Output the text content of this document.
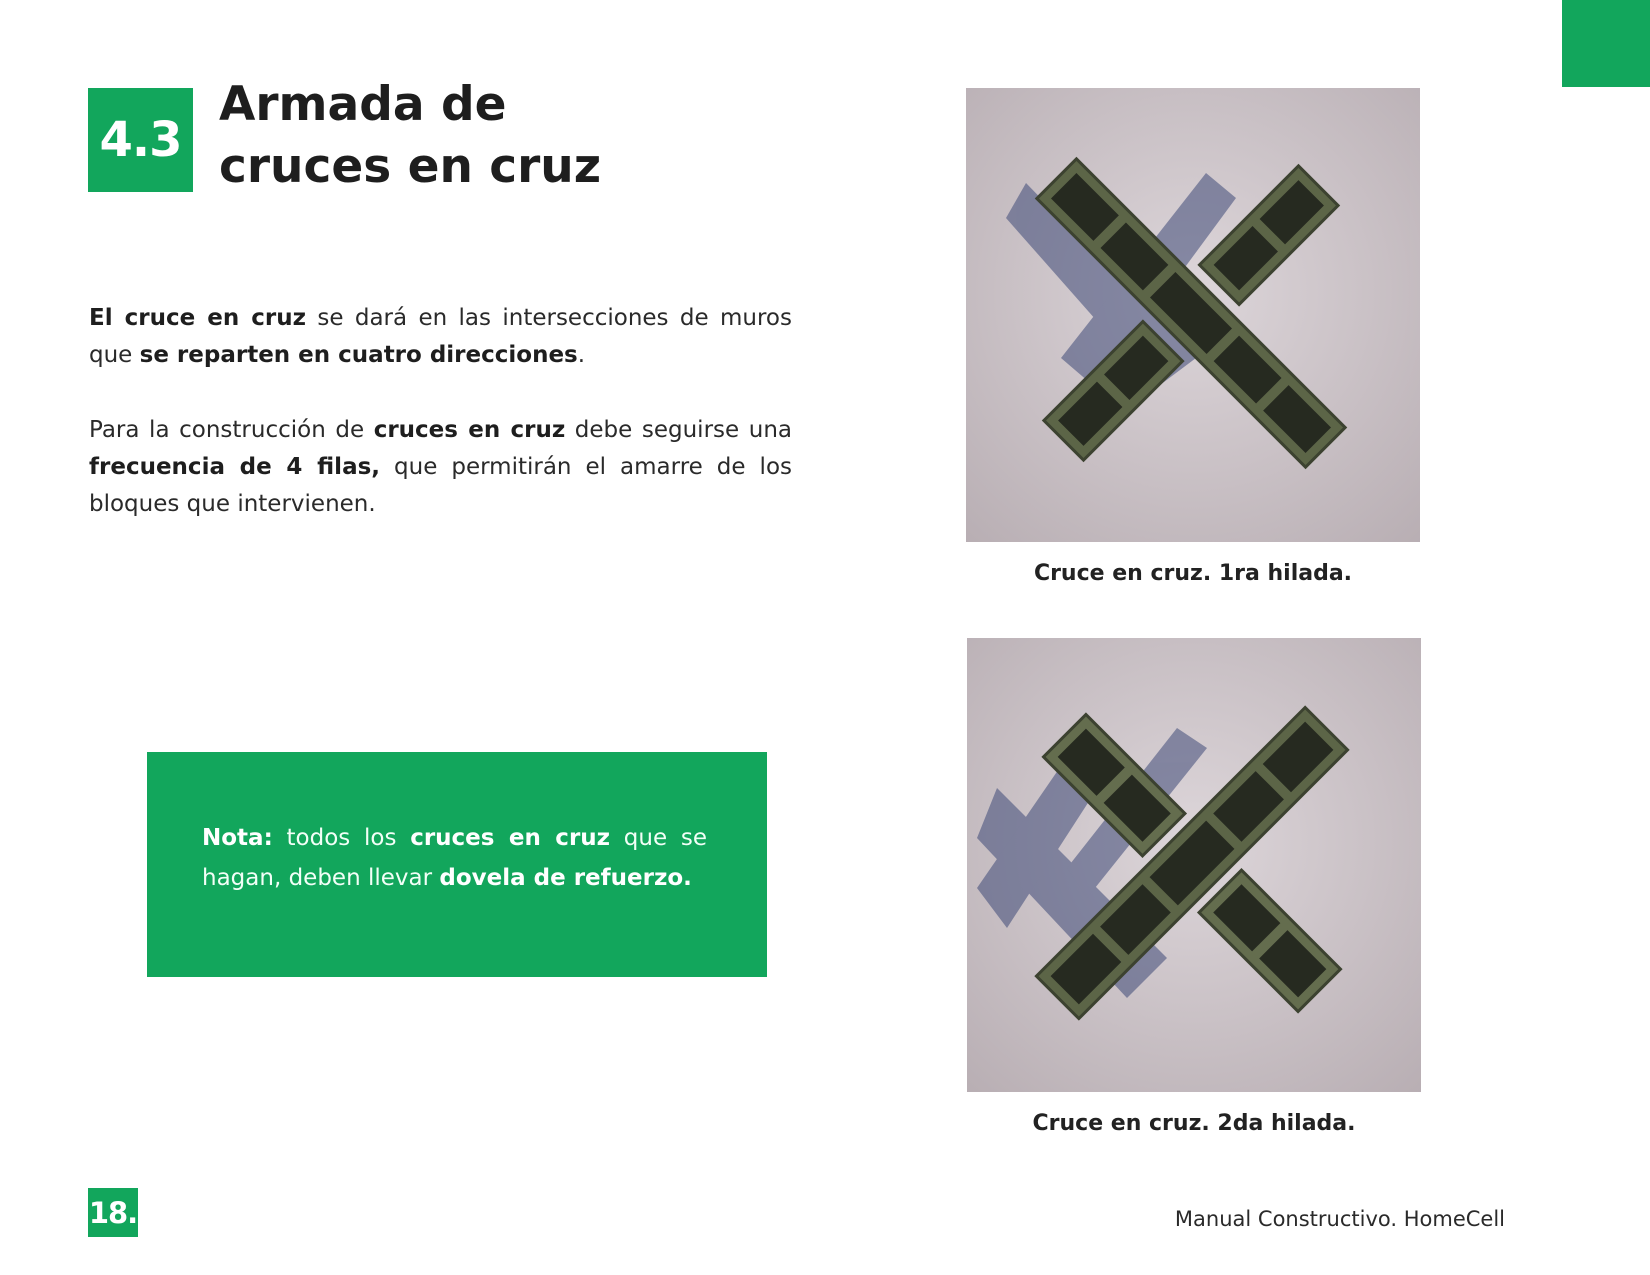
4.3
Armada de
cruces en cruz

El cruce en cruz se dará en las intersecciones de muros que se reparten en cuatro direcciones.

Para la construcción de cruces en cruz debe seguirse una frecuencia de 4 filas, que permitirán el amarre de los bloques que intervienen.

Nota: todos los cruces en cruz que se hagan, deben llevar dovela de refuerzo.

Cruce en cruz. 1ra hilada.

Cruce en cruz. 2da hilada.

18.	Manual Constructivo. HomeCell
